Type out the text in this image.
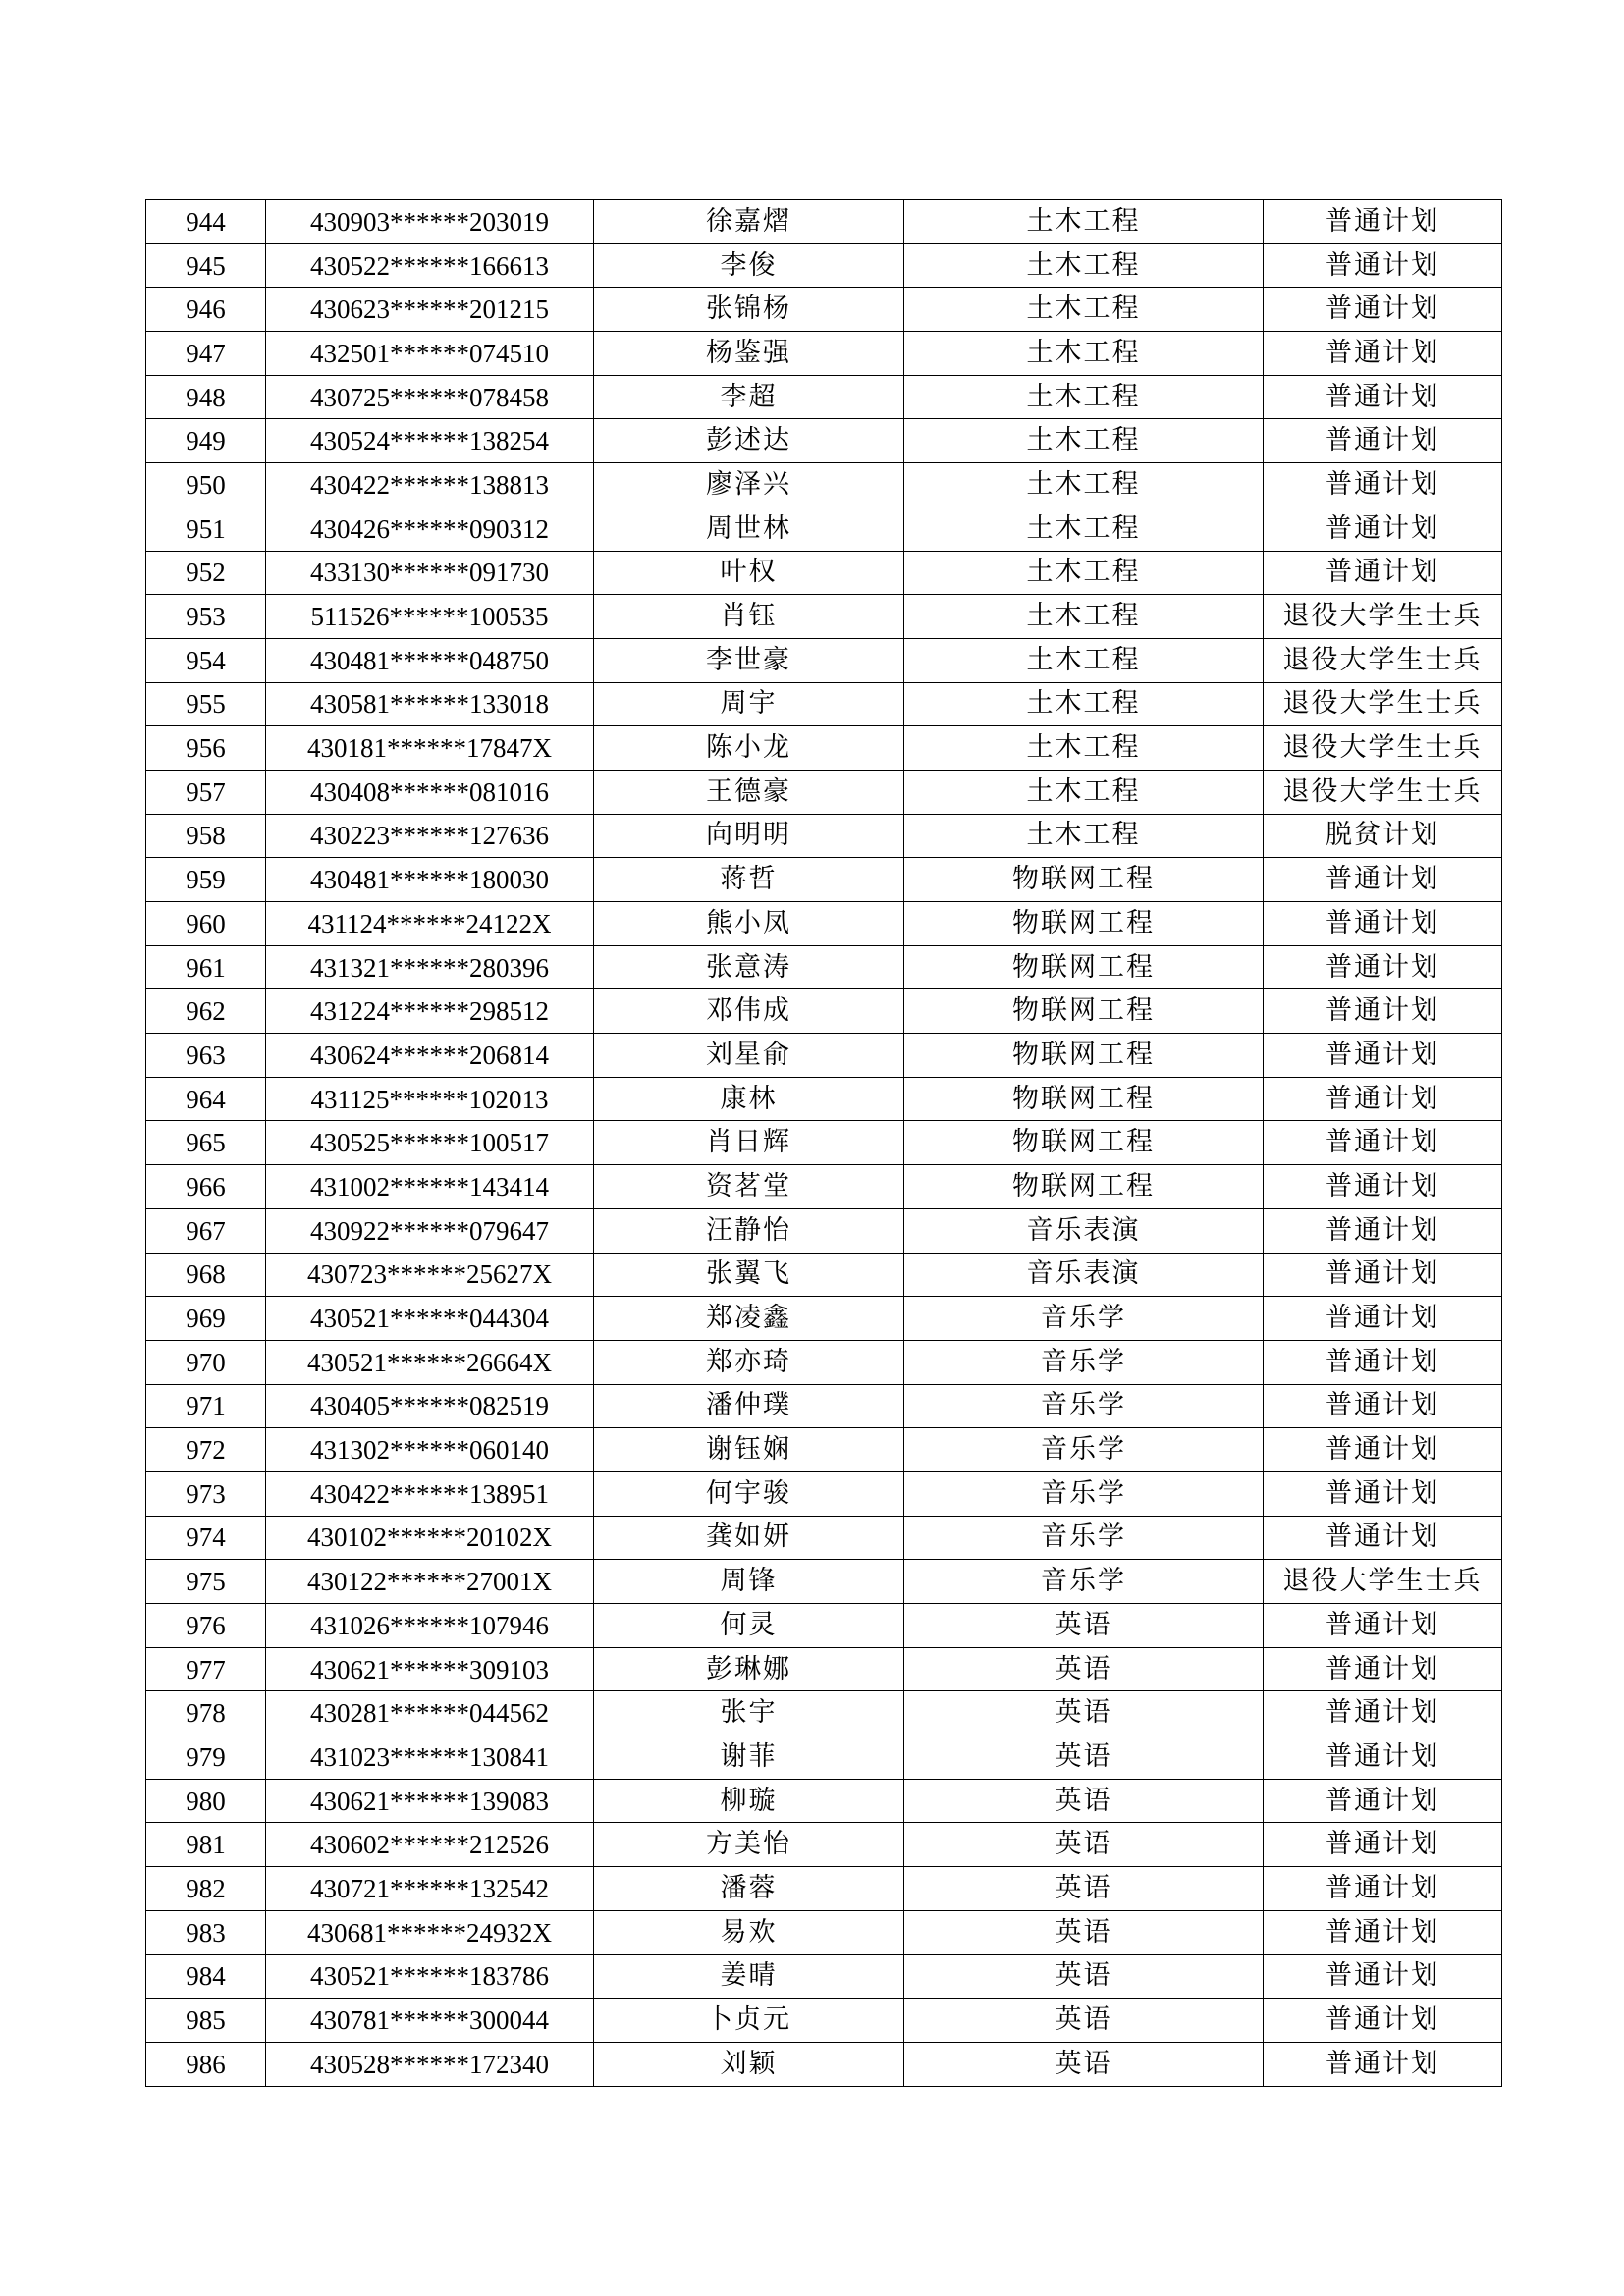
944	430903******203019	徐嘉熠	土木工程	普通计划
945	430522******166613	李俊	土木工程	普通计划
946	430623******201215	张锦杨	土木工程	普通计划
947	432501******074510	杨鉴强	土木工程	普通计划
948	430725******078458	李超	土木工程	普通计划
949	430524******138254	彭述达	土木工程	普通计划
950	430422******138813	廖泽兴	土木工程	普通计划
951	430426******090312	周世林	土木工程	普通计划
952	433130******091730	叶权	土木工程	普通计划
953	511526******100535	肖钰	土木工程	退役大学生士兵
954	430481******048750	李世豪	土木工程	退役大学生士兵
955	430581******133018	周宇	土木工程	退役大学生士兵
956	430181******17847X	陈小龙	土木工程	退役大学生士兵
957	430408******081016	王德豪	土木工程	退役大学生士兵
958	430223******127636	向明明	土木工程	脱贫计划
959	430481******180030	蒋哲	物联网工程	普通计划
960	431124******24122X	熊小凤	物联网工程	普通计划
961	431321******280396	张意涛	物联网工程	普通计划
962	431224******298512	邓伟成	物联网工程	普通计划
963	430624******206814	刘星俞	物联网工程	普通计划
964	431125******102013	康林	物联网工程	普通计划
965	430525******100517	肖日辉	物联网工程	普通计划
966	431002******143414	资茗堂	物联网工程	普通计划
967	430922******079647	汪静怡	音乐表演	普通计划
968	430723******25627X	张翼飞	音乐表演	普通计划
969	430521******044304	郑凌鑫	音乐学	普通计划
970	430521******26664X	郑亦琦	音乐学	普通计划
971	430405******082519	潘仲璞	音乐学	普通计划
972	431302******060140	谢钰娴	音乐学	普通计划
973	430422******138951	何宇骏	音乐学	普通计划
974	430102******20102X	龚如妍	音乐学	普通计划
975	430122******27001X	周锋	音乐学	退役大学生士兵
976	431026******107946	何灵	英语	普通计划
977	430621******309103	彭琳娜	英语	普通计划
978	430281******044562	张宇	英语	普通计划
979	431023******130841	谢菲	英语	普通计划
980	430621******139083	柳璇	英语	普通计划
981	430602******212526	方美怡	英语	普通计划
982	430721******132542	潘蓉	英语	普通计划
983	430681******24932X	易欢	英语	普通计划
984	430521******183786	姜晴	英语	普通计划
985	430781******300044	卜贞元	英语	普通计划
986	430528******172340	刘颖	英语	普通计划
